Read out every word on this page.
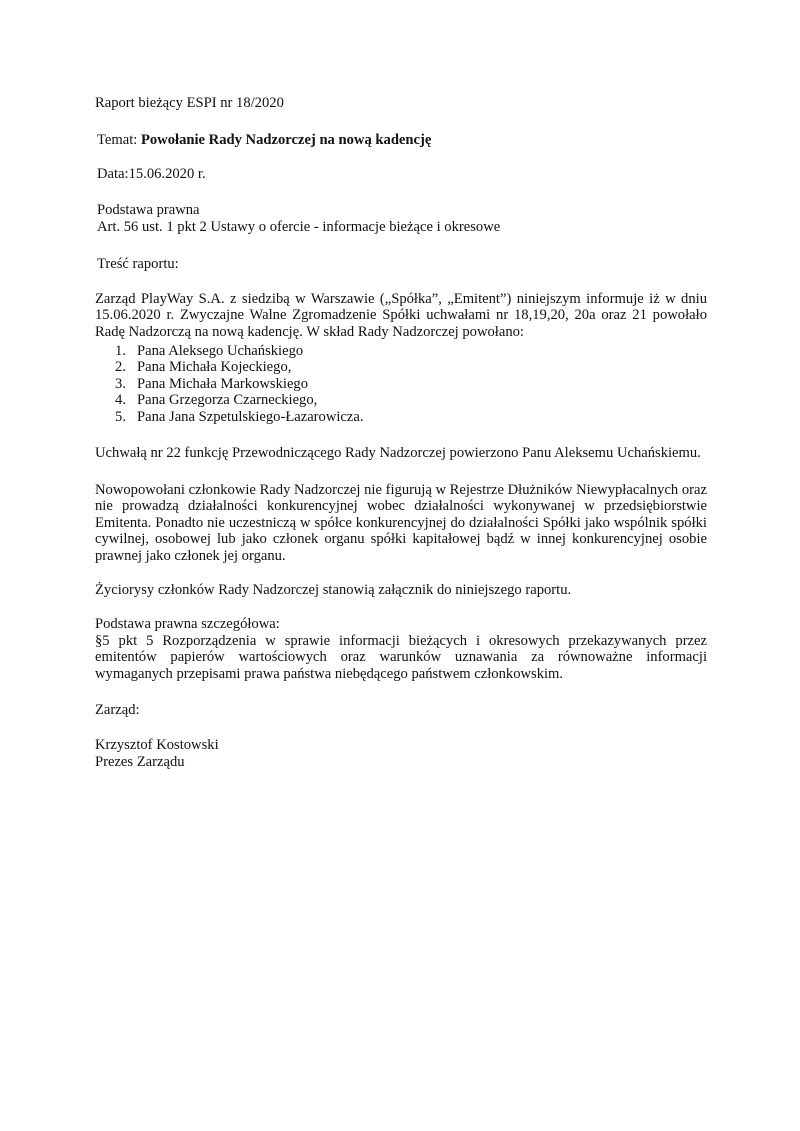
Raport bieżący ESPI nr 18/2020
Temat: Powołanie Rady Nadzorczej na nową kadencję
Data:15.06.2020 r.
Podstawa prawna
Art. 56 ust. 1 pkt 2 Ustawy o ofercie - informacje bieżące i okresowe
Treść raportu:
Zarząd PlayWay S.A. z siedzibą w Warszawie („Spółka”, „Emitent”) niniejszym informuje iż w dniu 15.06.2020 r. Zwyczajne Walne Zgromadzenie Spółki uchwałami nr 18,19,20, 20a oraz 21 powołało Radę Nadzorczą na nową kadencję. W skład Rady Nadzorczej powołano:
1. Pana Aleksego Uchańskiego
2. Pana Michała Kojeckiego,
3. Pana Michała Markowskiego
4. Pana Grzegorza Czarneckiego,
5. Pana Jana Szpetulskiego-Łazarowicza.
Uchwałą nr 22 funkcję Przewodniczącego Rady Nadzorczej powierzono Panu Aleksemu Uchańskiemu.
Nowopowołani członkowie Rady Nadzorczej nie figurują w Rejestrze Dłużników Niewypłacalnych oraz nie prowadzą działalności konkurencyjnej wobec działalności wykonywanej w przedsiębiorstwie Emitenta. Ponadto nie uczestniczą w spółce konkurencyjnej do działalności Spółki jako wspólnik spółki cywilnej, osobowej lub jako członek organu spółki kapitałowej bądź w innej konkurencyjnej osobie prawnej jako członek jej organu.
Życiorysy członków Rady Nadzorczej stanowią załącznik do niniejszego raportu.
Podstawa prawna szczegółowa:
§5 pkt 5 Rozporządzenia w sprawie informacji bieżących i okresowych przekazywanych przez emitentów papierów wartościowych oraz warunków uznawania za równoważne informacji wymaganych przepisami prawa państwa niebędącego państwem członkowskim.
Zarząd:
Krzysztof Kostowski
Prezes Zarządu
